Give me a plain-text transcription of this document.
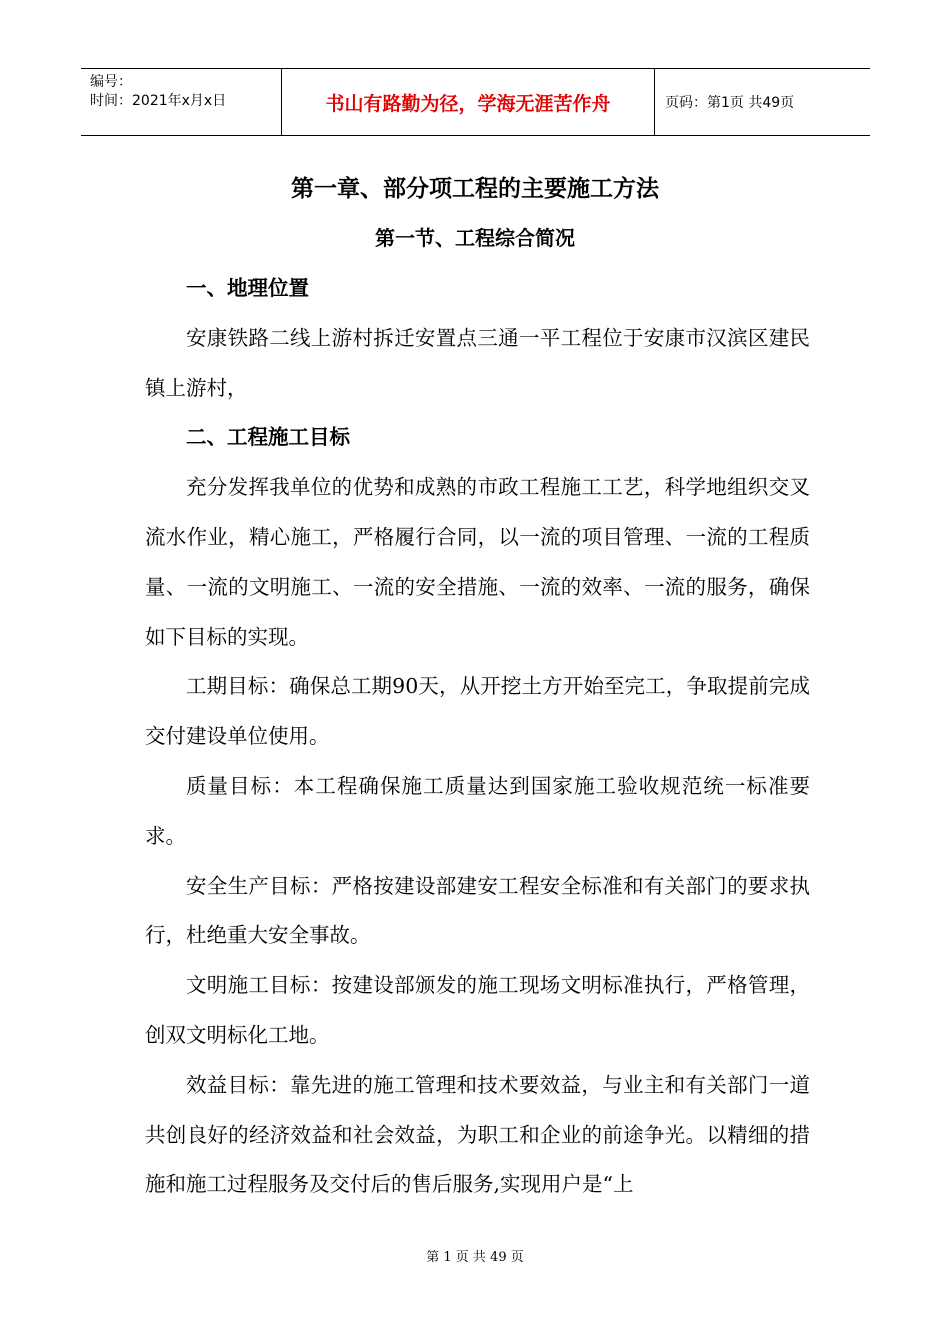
编号：
时间：2021年x月x日	书山有路勤为径，学海无涯苦作舟	页码：第1页 共49页
第一章、部分项工程的主要施工方法
第一节、工程综合简况
一、地理位置

安康铁路二线上游村拆迁安置点三通一平工程位于安康市汉滨区建民镇上游村，

二、工程施工目标

充分发挥我单位的优势和成熟的市政工程施工工艺，科学地组织交叉流水作业，精心施工，严格履行合同，以一流的项目管理、一流的工程质量、一流的文明施工、一流的安全措施、一流的效率、一流的服务，确保如下目标的实现。

工期目标：确保总工期90天，从开挖土方开始至完工，争取提前完成交付建设单位使用。

质量目标：本工程确保施工质量达到国家施工验收规范统一标准要求。

安全生产目标：严格按建设部建安工程安全标准和有关部门的要求执行，杜绝重大安全事故。

文明施工目标：按建设部颁发的施工现场文明标准执行，严格管理，创双文明标化工地。

效益目标：靠先进的施工管理和技术要效益，与业主和有关部门一道共创良好的经济效益和社会效益，为职工和企业的前途争光。以精细的措施和施工过程服务及交付后的售后服务,实现用户是“上

第 1 页 共 49 页
